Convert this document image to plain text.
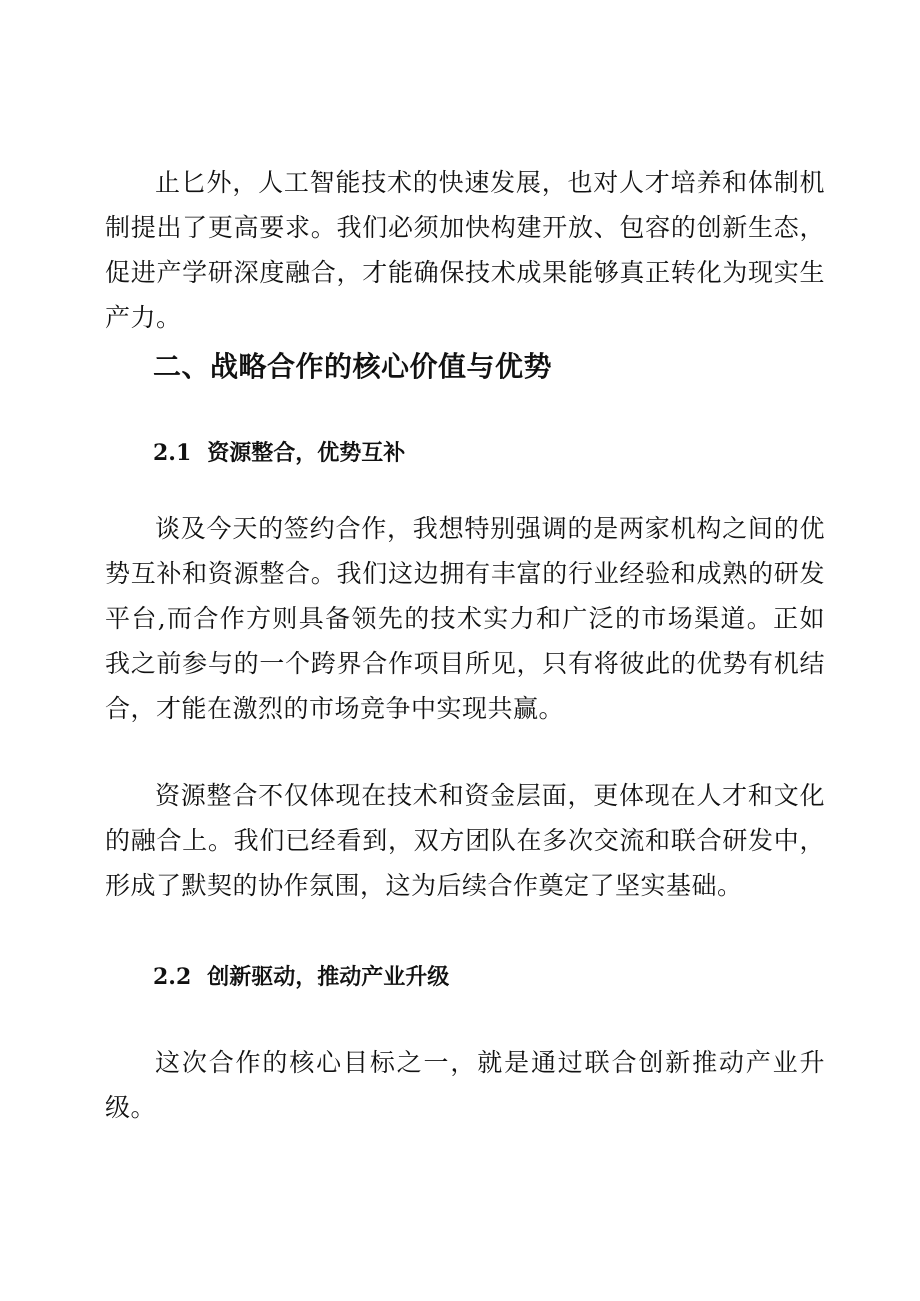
止匕外，人工智能技术的快速发展，也对人才培养和体制机制提出了更高要求。我们必须加快构建开放、包容的创新生态，促进产学研深度融合，才能确保技术成果能够真正转化为现实生产力。

二、战略合作的核心价值与优势
2.1 资源整合，优势互补

谈及今天的签约合作，我想特别强调的是两家机构之间的优势互补和资源整合。我们这边拥有丰富的行业经验和成熟的研发平台,而合作方则具备领先的技术实力和广泛的市场渠道。正如我之前参与的一个跨界合作项目所见，只有将彼此的优势有机结合，才能在激烈的市场竞争中实现共赢。

资源整合不仅体现在技术和资金层面，更体现在人才和文化的融合上。我们已经看到，双方团队在多次交流和联合研发中，形成了默契的协作氛围，这为后续合作奠定了坚实基础。

2.2 创新驱动，推动产业升级

这次合作的核心目标之一，就是通过联合创新推动产业升级。
